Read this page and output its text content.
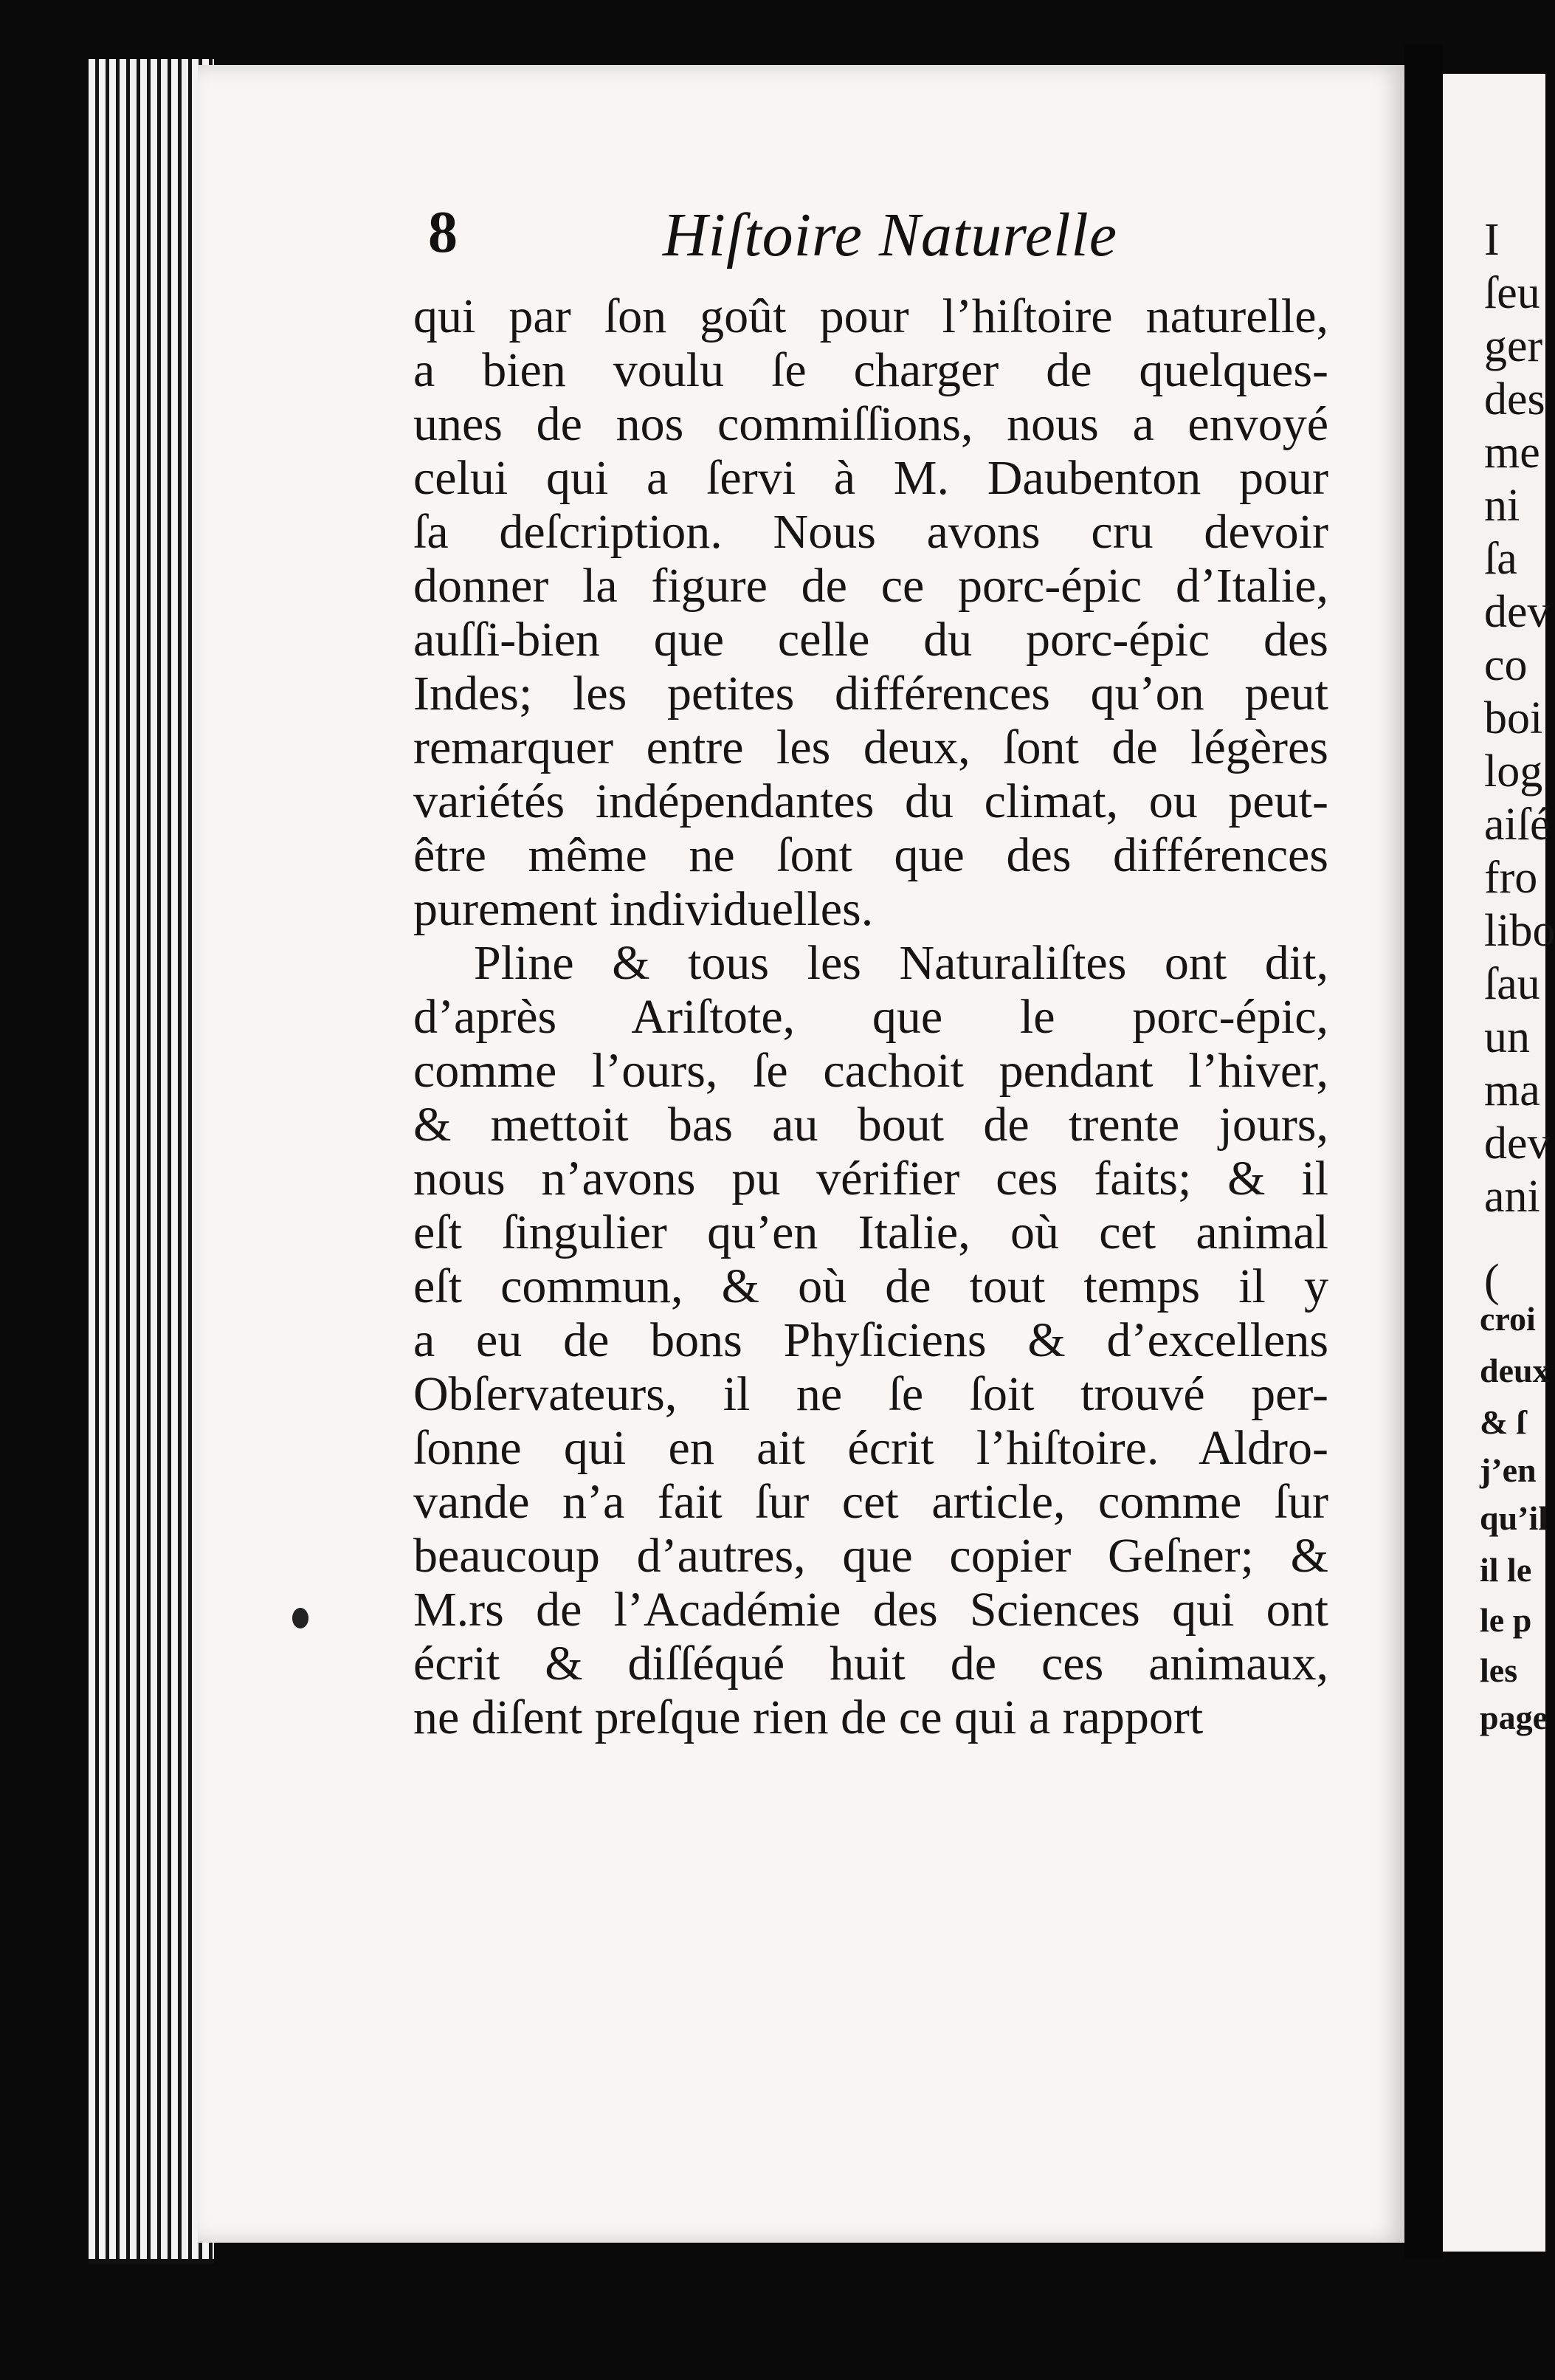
I
ſeu
ger
des
me
ni
ſa
dev
co
boi
log
aiſé
fro
libo
ſau
un
ma
dev
ani
(
croi
deux
& ſ
j’en
qu’il
il le
le p
les
page
8	Hiſtoire Naturelle
qui par ſon goût pour l’hiſtoire naturelle,
a bien voulu ſe charger de quelques-
unes de nos commiſſions, nous a envoyé
celui qui a ſervi à M. Daubenton pour
ſa deſcription. Nous avons cru devoir
donner la figure de ce porc-épic d’Italie,
auſſi-bien que celle du porc-épic des
Indes; les petites différences qu’on peut
remarquer entre les deux, ſont de légères
variétés indépendantes du climat, ou peut-
être même ne ſont que des différences
purement individuelles.
Pline & tous les Naturaliſtes ont dit,
d’après Ariſtote, que le porc-épic,
comme l’ours, ſe cachoit pendant l’hiver,
& mettoit bas au bout de trente jours,
nous n’avons pu vérifier ces faits; & il
eſt ſingulier qu’en Italie, où cet animal
eſt commun, & où de tout temps il y
a eu de bons Phyſiciens & d’excellens
Obſervateurs, il ne ſe ſoit trouvé per-
ſonne qui en ait écrit l’hiſtoire. Aldro-
vande n’a fait ſur cet article, comme ſur
beaucoup d’autres, que copier Geſner; &
M.rs de l’Académie des Sciences qui ont
écrit & diſſéqué huit de ces animaux,
ne diſent preſque rien de ce qui a rapport
